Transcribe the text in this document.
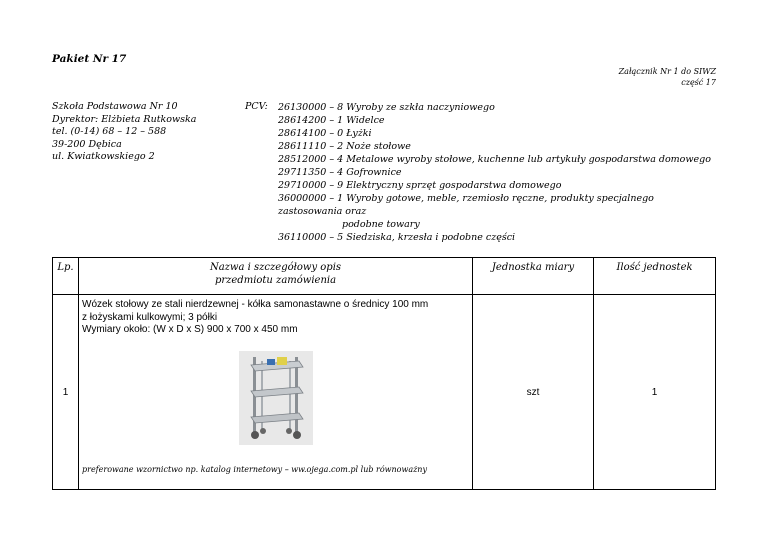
Pakiet Nr 17
Załącznik Nr 1 do SIWZ
część 17
Szkoła Podstawowa Nr 10
Dyrektor: Elżbieta Rutkowska
tel. (0-14) 68 – 12 – 588
39-200 Dębica
ul. Kwiatkowskiego 2
PCV: 26130000 – 8 Wyroby ze szkła naczyniowego
28614200 – 1 Widelce
28614100 – 0 Łyżki
28611110 – 2 Noże stołowe
28512000 – 4 Metalowe wyroby stołowe, kuchenne lub artykuły gospodarstwa domowego
29711350 – 4 Gofrownice
29710000 – 9 Elektryczny sprzęt gospodarstwa domowego
36000000 – 1 Wyroby gotowe, meble, rzemiosło ręczne, produkty specjalnego zastosowania oraz
podobne towary
36110000 – 5 Siedziska, krzesła i podobne części
Lp.	Nazwa i szczegółowy opis
przedmiotu zamówienia	Jednostka miary	Ilość jednostek
1	Wózek stołowy ze stali nierdzewnej - kółka samonastawne o średnicy 100 mm
z łożyskami kulkowymi; 3 półki
Wymiary około: (W x D x S) 900 x 700 x 450 mm
preferowane wzornictwo np. katalog internetowy – ww.ojega.com.pl lub równoważny	szt	1
